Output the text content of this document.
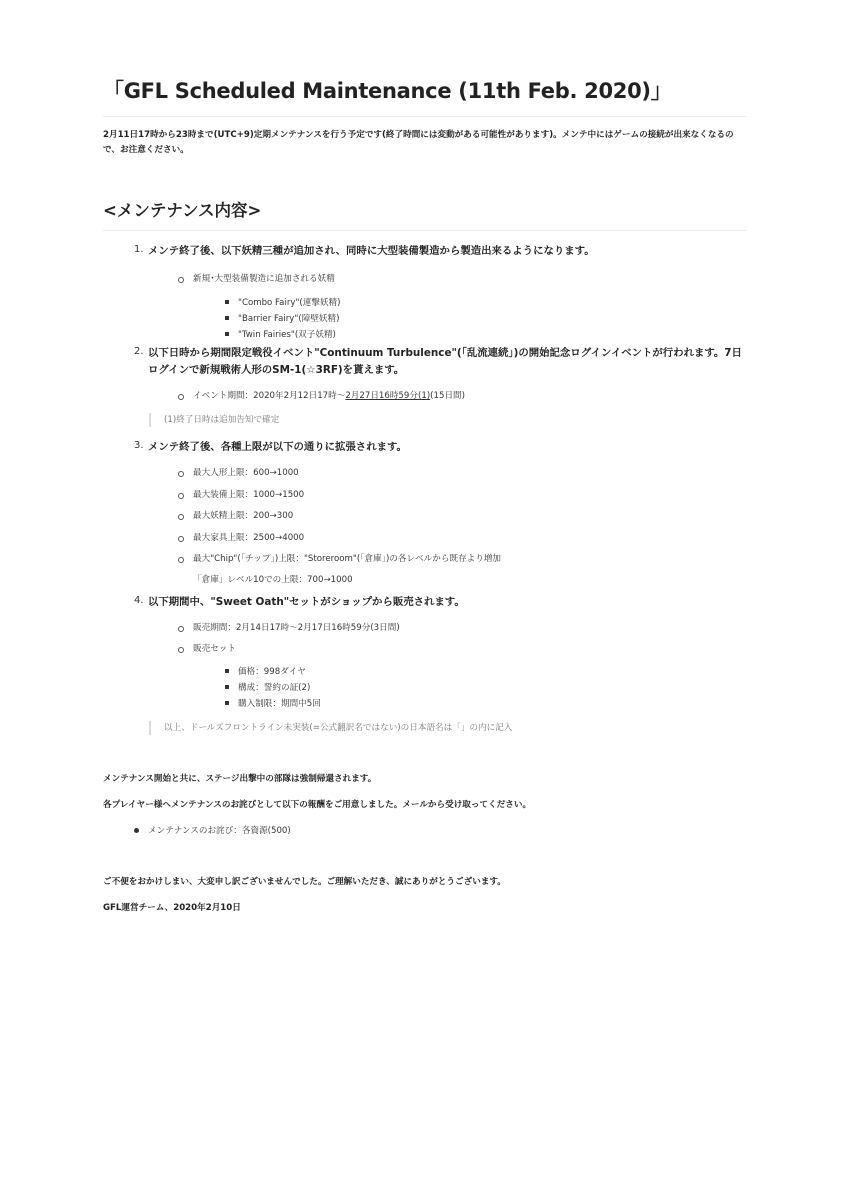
「GFL Scheduled Maintenance (11th Feb. 2020)」

2月11日17時から23時まで(UTC+9)定期メンテナンスを行う予定です(終了時間には変動がある可能性があります)。メンテ中にはゲームの接続が出来なくなるので、お注意ください。

<メンテナンス内容>
1. メンテ終了後、以下妖精三種が追加され、同時に大型装備製造から製造出来るようになります。
新規･大型装備製造に追加される妖精
"Combo Fairy"(連撃妖精)
"Barrier Fairy"(障壁妖精)
"Twin Fairies"(双子妖精)
2. 以下日時から期間限定戦役イベント"Continuum Turbulence"(「乱流連続」)の開始記念ログインイベントが行われます。7日ログインで新規戦術人形のSM-1(☆3RF)を貰えます。
イベント期間：2020年2月12日17時～2月27日16時59分(1)(15日間)
(1)終了日時は追加告知で確定
3. メンテ終了後、各種上限が以下の通りに拡張されます。
最大人形上限：600→1000
最大装備上限：1000→1500
最大妖精上限：200→300
最大家具上限：2500→4000
最大"Chip"(「チップ」)上限："Storeroom"(「倉庫」)の各レベルから既存より増加
「倉庫」レベル10での上限：700→1000
4. 以下期間中、"Sweet Oath"セットがショップから販売されます。
販売期間：2月14日17時～2月17日16時59分(3日間)
販売セット
価格：998ダイヤ
構成：誓約の証(2)
購入制限：期間中5回
以上、ドールズフロントライン未実装(=公式翻訳名ではない)の日本語名は「」の内に記入

メンテナンス開始と共に、ステージ出撃中の部隊は強制帰還されます。

各プレイヤー様へメンテナンスのお詫びとして以下の報酬をご用意しました。メールから受け取ってください。

メンテナンスのお詫び：各資源(500)

ご不便をおかけしまい、大変申し訳ございませんでした。ご理解いただき、誠にありがとうございます。

GFL運営チーム、2020年2月10日
